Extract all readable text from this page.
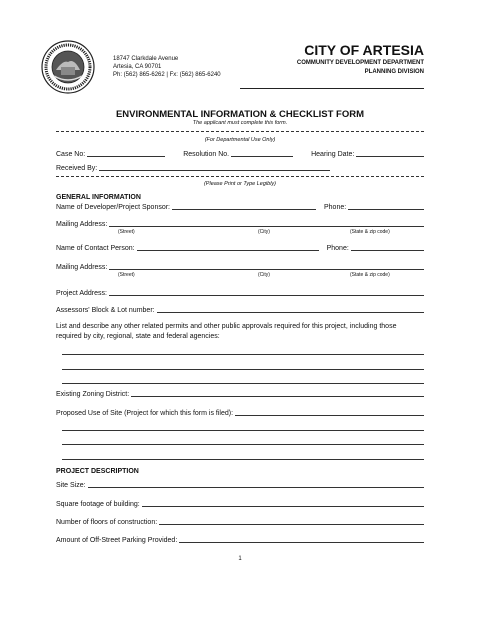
18747 Clarkdale Avenue
Artesia, CA 90701
Ph: (562) 865-6262 | Fx: (562) 865-6240
CITY OF ARTESIA
COMMUNITY DEVELOPMENT DEPARTMENT
PLANNING DIVISION
ENVIRONMENTAL INFORMATION & CHECKLIST FORM
The applicant must complete this form.
(For Departmental Use Only)
Case No:	Resolution No.	Hearing Date:
Received By:
(Please Print or Type Legibly)
GENERAL INFORMATION
Name of Developer/Project Sponsor:	Phone:
Mailing Address:
(Street)	(City)	(State & zip code)
Name of Contact Person:	Phone:
Mailing Address:
(Street)	(City)	(State & zip code)
Project Address:
Assessors' Block & Lot number:
List and describe any other related permits and other public approvals required for this project, including those required by city, regional, state and federal agencies:
Existing Zoning District:
Proposed Use of Site (Project for which this form is filed):
PROJECT DESCRIPTION
Site Size:
Square footage of building:
Number of floors of construction:
Amount of Off-Street Parking Provided:
1
